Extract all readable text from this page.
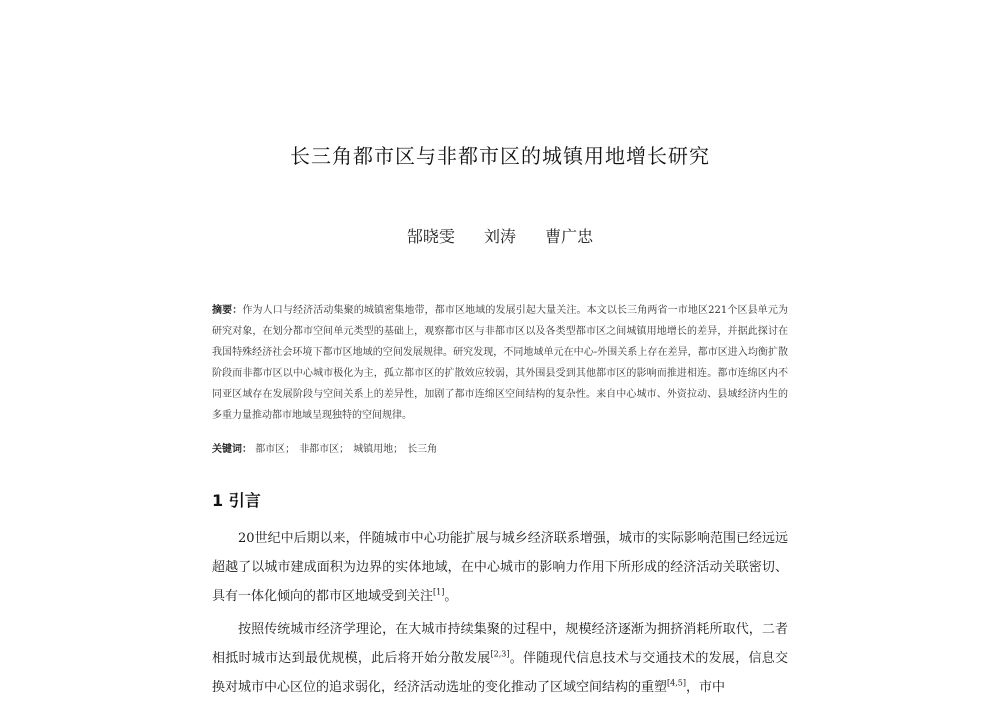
长三角都市区与非都市区的城镇用地增长研究
郜晓雯 刘涛 曹广忠
摘要：作为人口与经济活动集聚的城镇密集地带，都市区地域的发展引起大量关注。本文以长三角两省一市地区221个区县单元为研究对象，在划分都市空间单元类型的基础上，观察都市区与非都市区以及各类型都市区之间城镇用地增长的差异，并据此探讨在我国特殊经济社会环境下都市区地域的空间发展规律。研究发现，不同地域单元在中心-外围关系上存在差异，都市区进入均衡扩散阶段而非都市区以中心城市极化为主，孤立都市区的扩散效应较弱，其外围县受到其他都市区的影响而推进相连。都市连绵区内不同亚区域存在发展阶段与空间关系上的差异性，加剧了都市连绵区空间结构的复杂性。来自中心城市、外资拉动、县域经济内生的多重力量推动都市地域呈现独特的空间规律。
关键词： 都市区； 非都市区； 城镇用地； 长三角
1 引言

20世纪中后期以来，伴随城市中心功能扩展与城乡经济联系增强，城市的实际影响范围已经远远超越了以城市建成面积为边界的实体地域，在中心城市的影响力作用下所形成的经济活动关联密切、具有一体化倾向的都市区地域受到关注[1]。

按照传统城市经济学理论，在大城市持续集聚的过程中，规模经济逐渐为拥挤消耗所取代，二者相抵时城市达到最优规模，此后将开始分散发展[2,3]。伴随现代信息技术与交通技术的发展，信息交换对城市中心区位的追求弱化，经济活动选址的变化推动了区域空间结构的重塑[4,5]，市中
